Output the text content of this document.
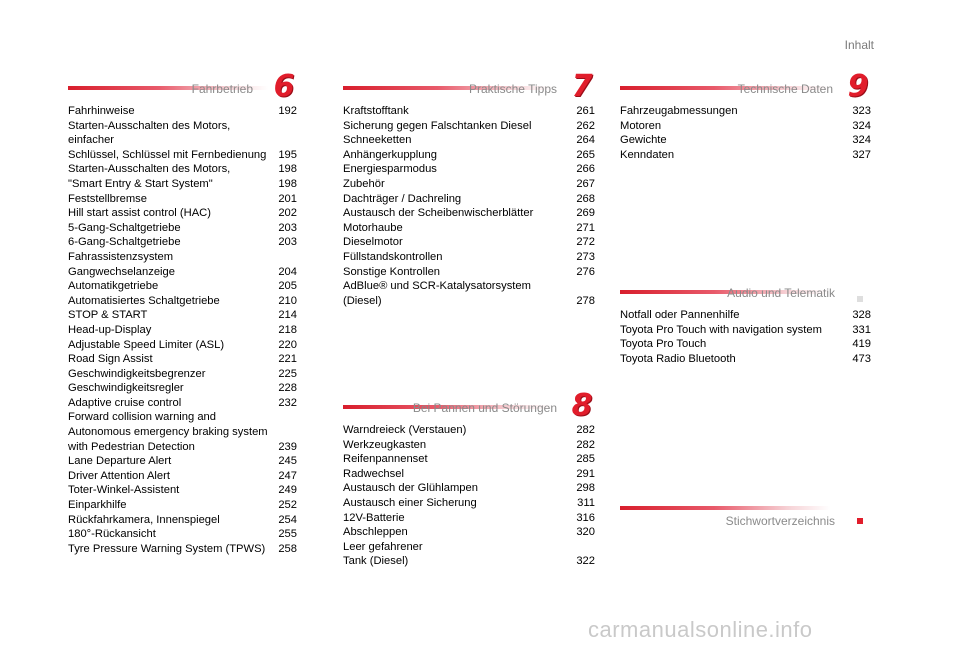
Inhalt
Fahrbetrieb 6
Fahrhinweise	192
Starten-Ausschalten des Motors, einfacher
Schlüssel, Schlüssel mit Fernbedienung	195
Starten-Ausschalten des Motors,	198
"Smart Entry & Start System"	198
Feststellbremse	201
Hill start assist control (HAC)	202
5-Gang-Schaltgetriebe	203
6-Gang-Schaltgetriebe	203
Fahrassistenzsystem Gangwechselanzeige	204
Automatikgetriebe	205
Automatisiertes Schaltgetriebe	210
STOP & START	214
Head-up-Display	218
Adjustable Speed Limiter (ASL)	220
Road Sign Assist	221
Geschwindigkeitsbegrenzer	225
Geschwindigkeitsregler	228
Adaptive cruise control	232
Forward collision warning and
Autonomous emergency braking system
with Pedestrian Detection	239
Lane Departure Alert	245
Driver Attention Alert	247
Toter-Winkel-Assistent	249
Einparkhilfe	252
Rückfahrkamera, Innenspiegel	254
180°-Rückansicht	255
Tyre Pressure Warning System (TPWS)	258
Praktische Tipps 7
Kraftstofftank	261
Sicherung gegen Falschtanken Diesel	262
Schneeketten	264
Anhängerkupplung	265
Energiesparmodus	266
Zubehör	267
Dachträger / Dachreling	268
Austausch der Scheibenwischerblätter	269
Motorhaube	271
Dieselmotor	272
Füllstandskontrollen	273
Sonstige Kontrollen	276
AdBlue® und SCR-Katalysatorsystem
(Diesel)	278
Bei Pannen und Störungen 8
Warndreieck (Verstauen)	282
Werkzeugkasten	282
Reifenpannenset	285
Radwechsel	291
Austausch der Glühlampen	298
Austausch einer Sicherung	311
12V-Batterie	316
Abschleppen	320
Leer gefahrener
Tank (Diesel)	322
Technische Daten 9
Fahrzeugabmessungen	323
Motoren	324
Gewichte	324
Kenndaten	327
Audio und Telematik
Notfall oder Pannenhilfe	328
Toyota Pro Touch with navigation system	331
Toyota Pro Touch	419
Toyota Radio Bluetooth	473
Stichwortverzeichnis
carmanualsonline.info
